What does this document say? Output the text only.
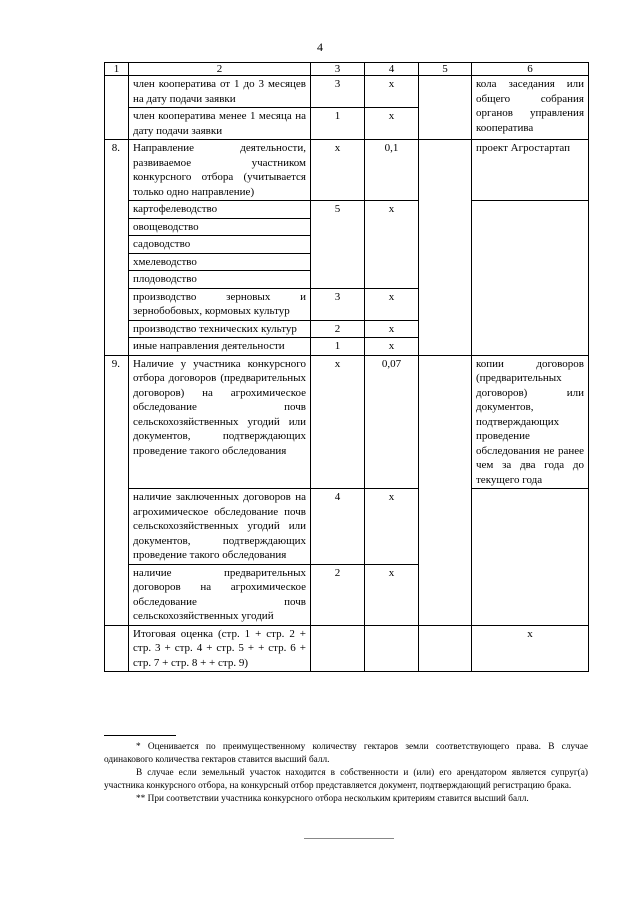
4
1	2	3	4	5	6
	член кооператива от 1 до 3 месяцев на дату подачи заявки	3	х		кола заседания или общего собрания органов управления кооператива
	член кооператива менее 1 месяца на дату подачи заявки	1	х		
8.	Направление деятельности, развиваемое участником конкурсного отбора (учитывается только одно направление)	х	0,1		проект Агростартап
	картофелеводство	5	х		
	овощеводство				
	садоводство				
	хмелеводство				
	плодоводство				
	производство зерновых и зернобобовых, кормовых культур	3	х		
	производство технических культур	2	х		
	иные направления деятельности	1	х		
9.	Наличие у участника конкурсного отбора договоров (предварительных договоров) на агрохимическое обследование почв сельскохозяйственных угодий или документов, подтверждающих проведение такого обследования	х	0,07		копии договоров (предварительных договоров) или документов, подтверждающих проведение обследования не ранее чем за два года до текущего года
	наличие заключенных договоров на агрохимическое обследование почв сельскохозяйственных угодий или документов, подтверждающих проведение такого обследования	4	х		
	наличие предварительных договоров на агрохимическое обследование почв сельскохозяйственных угодий	2	х		
	Итоговая оценка (стр. 1 + стр. 2 + стр. 3 + стр. 4 + стр. 5 + + стр. 6 + стр. 7 + стр. 8 + + стр. 9)				х

* Оценивается по преимущественному количеству гектаров земли соответствующего права. В случае одинакового количества гектаров ставится высший балл.

В случае если земельный участок находится в собственности и (или) его арендатором является супруг(а) участника конкурсного отбора, на конкурсный отбор представляется документ, подтверждающий регистрацию брака.

** При соответствии участника конкурсного отбора нескольким критериям ставится высший балл.
